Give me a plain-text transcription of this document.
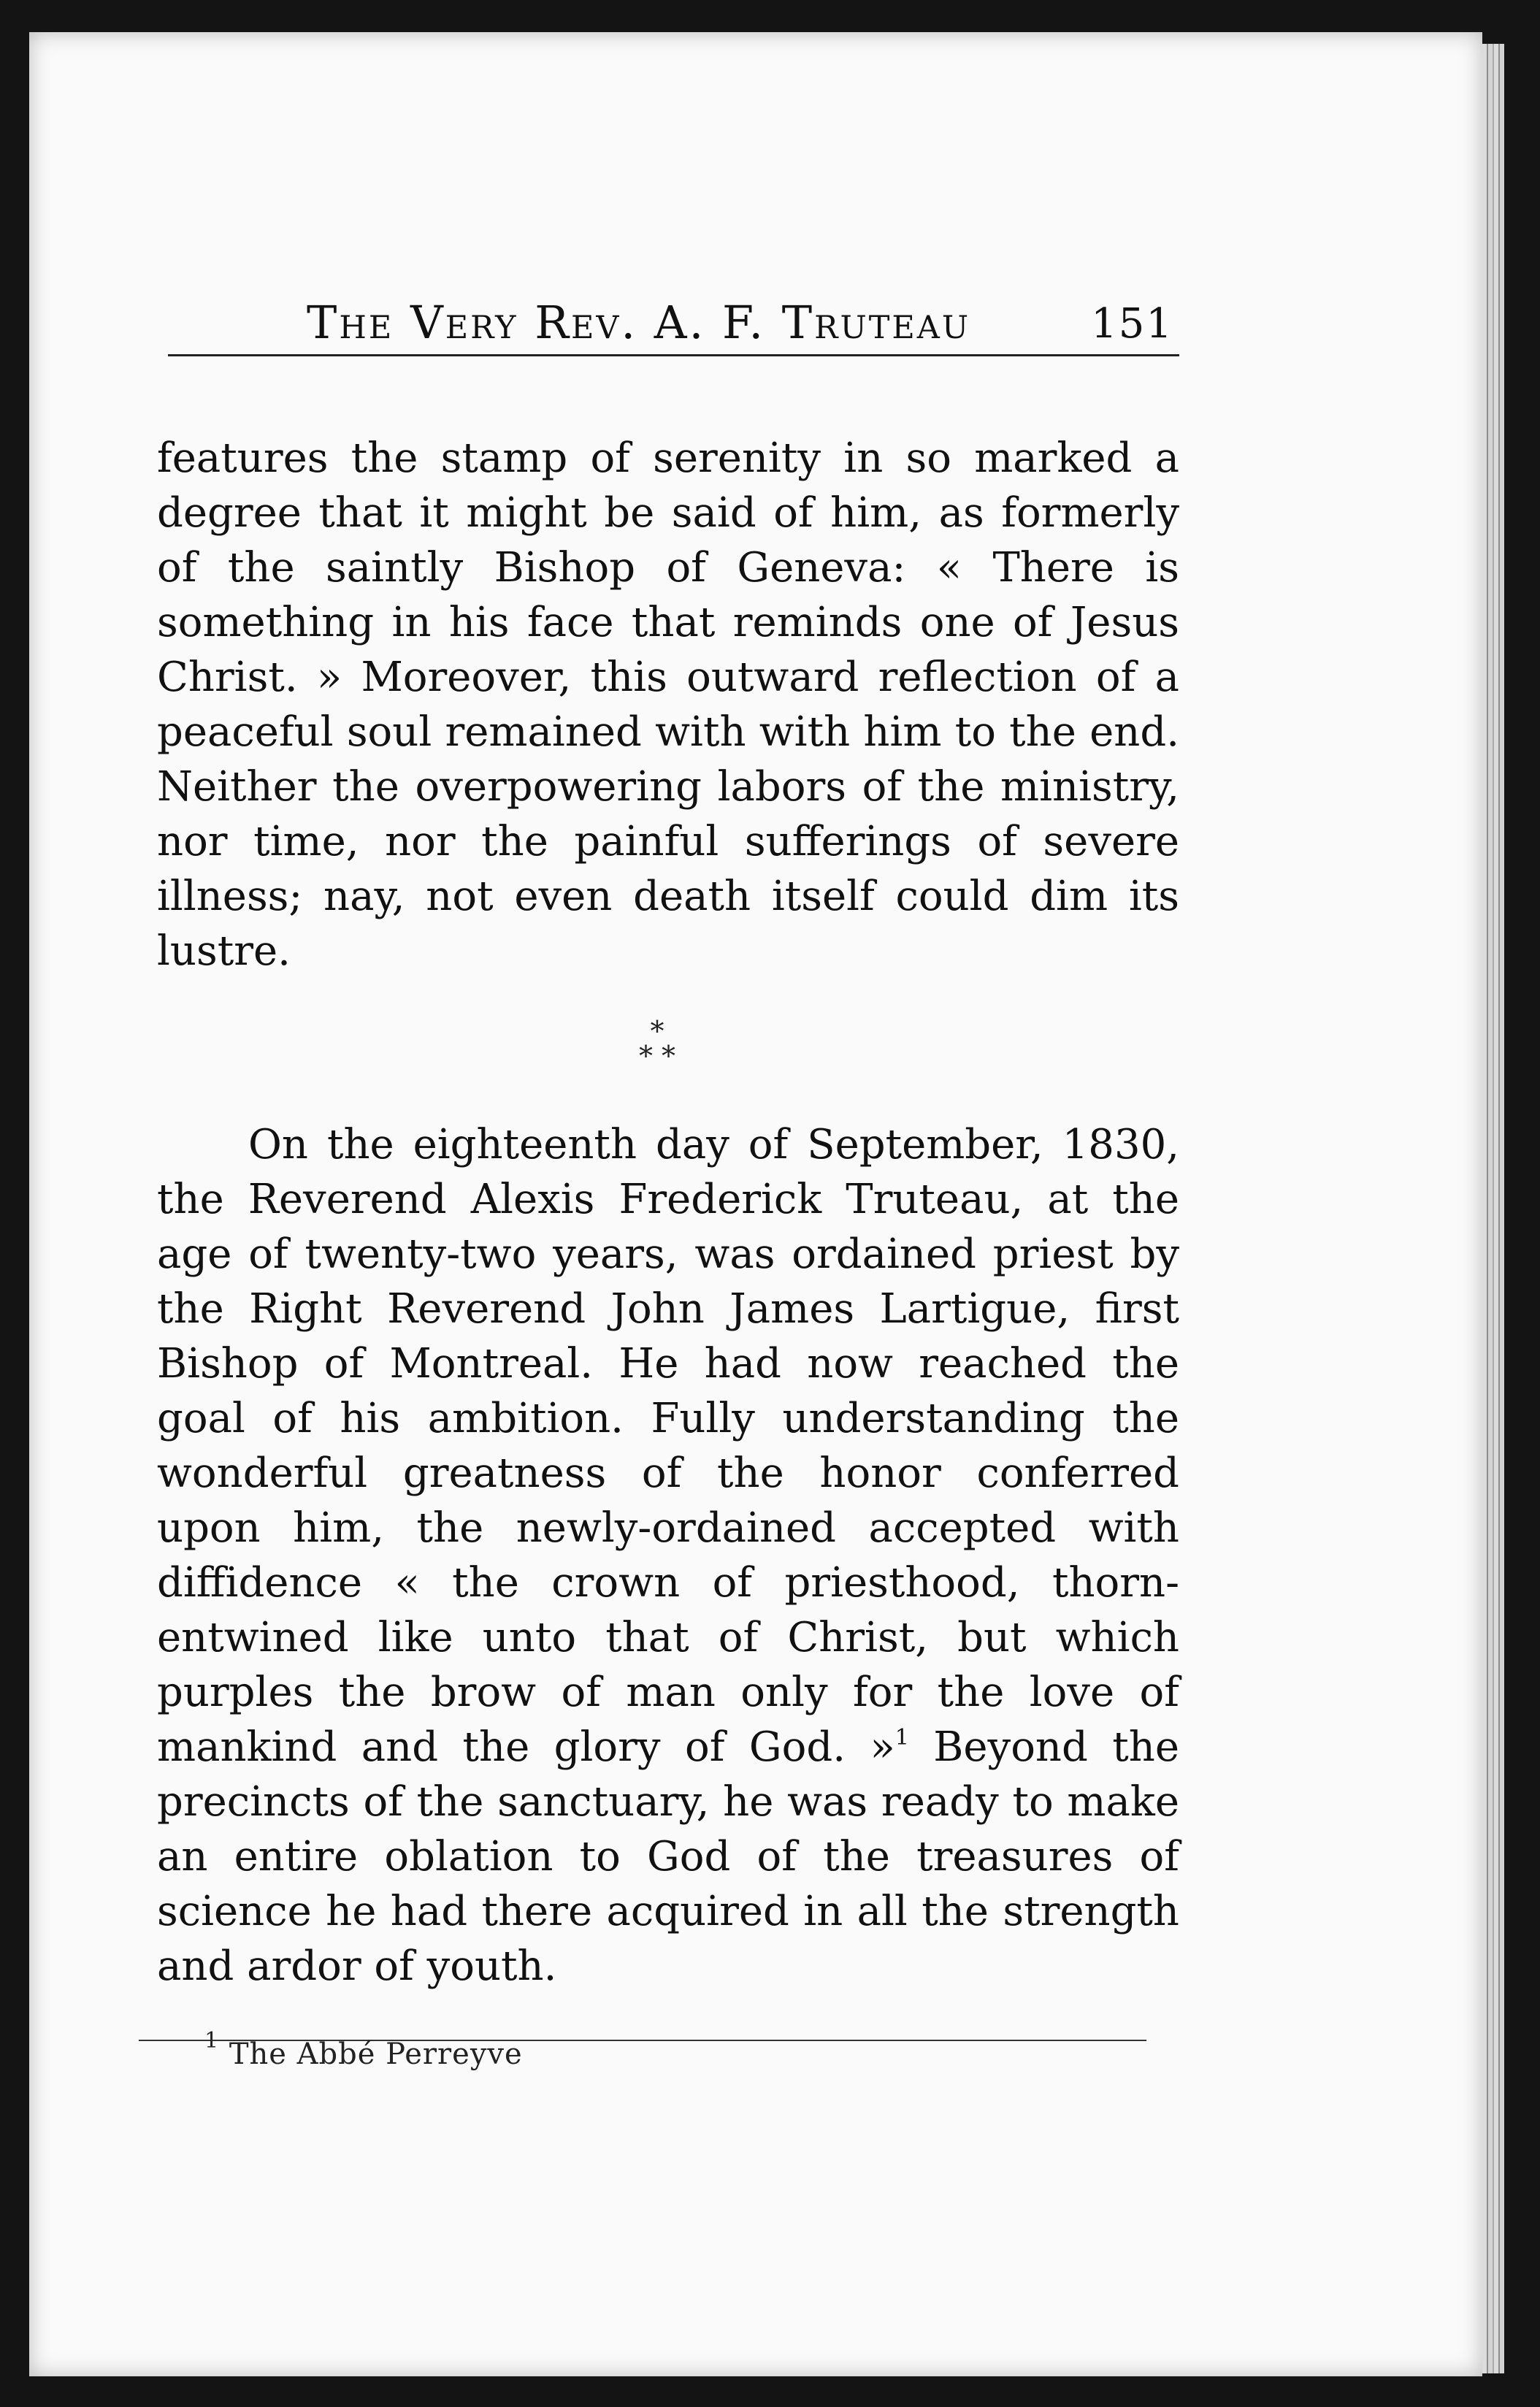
The Very Rev. A. F. Truteau	151

features the stamp of serenity in so marked a degree that it might be said of him, as formerly of the saintly Bishop of Geneva: « There is something in his face that reminds one of Jesus Christ. » Moreover, this outward reflection of a peaceful soul remained with with him to the end. Neither the overpowering labors of the ministry, nor time, nor the painful sufferings of severe illness; nay, not even death itself could dim its lustre.

*
* *

On the eighteenth day of September, 1830, the Reverend Alexis Frederick Truteau, at the age of twenty-two years, was ordained priest by the Right Reverend John James Lartigue, first Bishop of Montreal. He had now reached the goal of his ambition. Fully understanding the wonderful greatness of the honor conferred upon him, the newly-ordained accepted with diffidence « the crown of priesthood, thorn-entwined like unto that of Christ, but which purples the brow of man only for the love of mankind and the glory of God. »$^1$ Beyond the precincts of the sanctuary, he was ready to make an entire oblation to God of the treasures of science he had there acquired in all the strength and ardor of youth.

$^1$ The Abbé Perreyve
